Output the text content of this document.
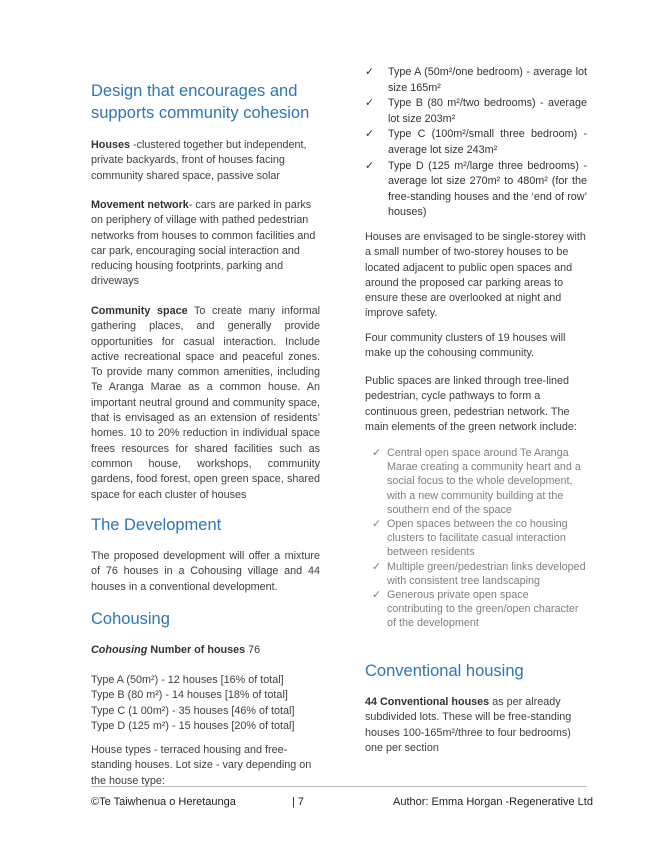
Design that encourages and supports community cohesion

Houses -clustered together but independent, private backyards, front of houses facing community shared space, passive solar

Movement network- cars are parked in parks on periphery of village with pathed pedestrian networks from houses to common facilities and car park, encouraging social interaction and reducing housing footprints, parking and driveways

Community space To create many informal gathering places, and generally provide opportunities for casual interaction. Include active recreational space and peaceful zones. To provide many common amenities, including Te Aranga Marae as a common house. An important neutral ground and community space, that is envisaged as an extension of residents’ homes. 10 to 20% reduction in individual space frees resources for shared facilities such as common house, workshops, community gardens, food forest, open green space, shared space for each cluster of houses

The Development

The proposed development will offer a mixture of 76 houses in a Cohousing village and 44 houses in a conventional development.

Cohousing

Cohousing Number of houses 76

Type A (50m²) - 12 houses [16% of total]
Type B (80 m²) - 14 houses [18% of total]
Type C (1 00m²) - 35 houses [46% of total]
Type D (125 m²) - 15 houses [20% of total]

House types - terraced housing and free-standing houses. Lot size - vary depending on the house type:

✓ Type A (50m²/one bedroom) - average lot size 165m²
✓ Type B (80 m²/two bedrooms) - average lot size 203m²
✓ Type C (100m²/small three bedroom) - average lot size 243m²
✓ Type D (125 m²/large three bedrooms) - average lot size 270m² to 480m² (for the free-standing houses and the ‘end of row’ houses)

Houses are envisaged to be single-storey with a small number of two-storey houses to be located adjacent to public open spaces and around the proposed car parking areas to ensure these are overlooked at night and improve safety.

Four community clusters of 19 houses will make up the cohousing community.

Public spaces are linked through tree-lined pedestrian, cycle pathways to form a continuous green, pedestrian network. The main elements of the green network include:

✓ Central open space around Te Aranga Marae creating a community heart and a social focus to the whole development, with a new community building at the southern end of the space
✓ Open spaces between the co housing clusters to facilitate casual interaction between residents
✓ Multiple green/pedestrian links developed with consistent tree landscaping
✓ Generous private open space contributing to the green/open character of the development
Conventional housing

44 Conventional houses as per already subdivided lots. These will be free-standing houses 100-165m²/three to four bedrooms) one per section

©Te Taiwhenua o Heretaunga	| 7	Author: Emma Horgan -Regenerative Ltd
